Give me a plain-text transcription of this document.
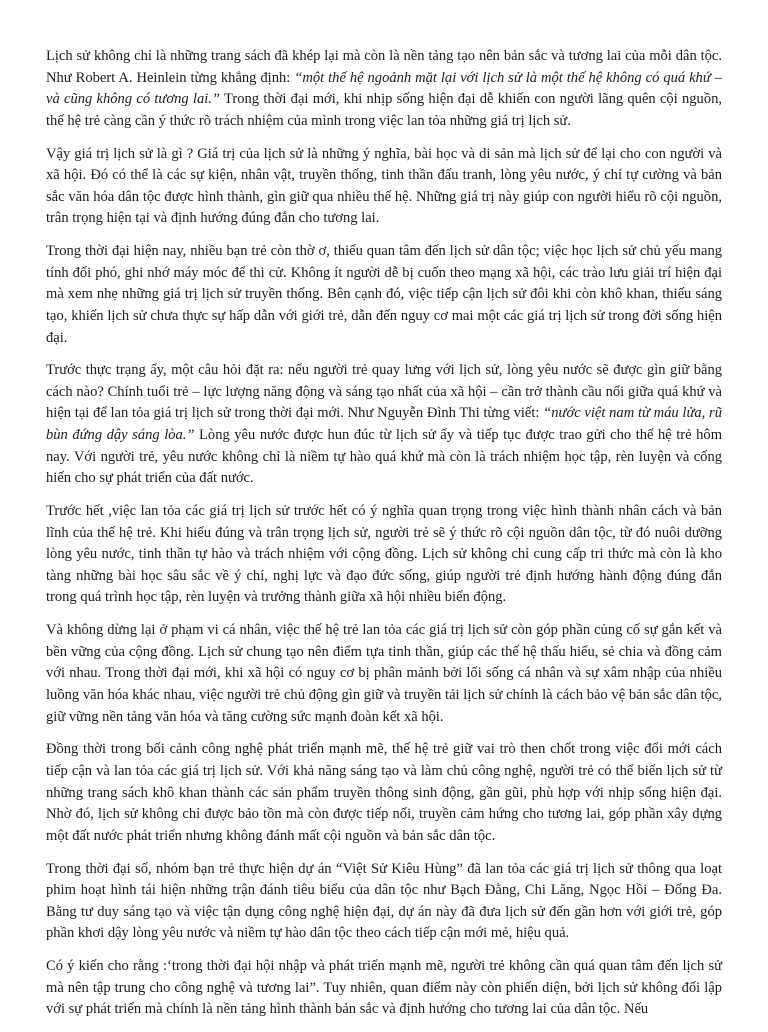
Lịch sử không chỉ là những trang sách đã khép lại mà còn là nền tảng tạo nên bản sắc và tương lai của mỗi dân tộc. Như Robert A. Heinlein từng khẳng định: “một thế hệ ngoảnh mặt lại với lịch sử là một thế hệ không có quá khứ – và cũng không có tương lai.” Trong thời đại mới, khi nhịp sống hiện đại dễ khiến con người lãng quên cội nguồn, thế hệ trẻ càng cần ý thức rõ trách nhiệm của mình trong việc lan tỏa những giá trị lịch sử.

Vậy giá trị lịch sử là gì ? Giá trị của lịch sử là những ý nghĩa, bài học và di sản mà lịch sử để lại cho con người và xã hội. Đó có thể là các sự kiện, nhân vật, truyền thống, tinh thần đấu tranh, lòng yêu nước, ý chí tự cường và bản sắc văn hóa dân tộc được hình thành, gìn giữ qua nhiều thế hệ. Những giá trị này giúp con người hiểu rõ cội nguồn, trân trọng hiện tại và định hướng đúng đắn cho tương lai.

Trong thời đại hiện nay, nhiều bạn trẻ còn thờ ơ, thiếu quan tâm đến lịch sử dân tộc; việc học lịch sử chủ yếu mang tính đối phó, ghi nhớ máy móc để thi cử. Không ít người dễ bị cuốn theo mạng xã hội, các trào lưu giải trí hiện đại mà xem nhẹ những giá trị lịch sử truyền thống. Bên cạnh đó, việc tiếp cận lịch sử đôi khi còn khô khan, thiếu sáng tạo, khiến lịch sử chưa thực sự hấp dẫn với giới trẻ, dẫn đến nguy cơ mai một các giá trị lịch sử trong đời sống hiện đại.

Trước thực trạng ấy, một câu hỏi đặt ra: nếu người trẻ quay lưng với lịch sử, lòng yêu nước sẽ được gìn giữ bằng cách nào? Chính tuổi trẻ – lực lượng năng động và sáng tạo nhất của xã hội – cần trở thành cầu nối giữa quá khứ và hiện tại để lan tỏa giá trị lịch sử trong thời đại mới. Như Nguyễn Đình Thi từng viết: “nước việt nam từ máu lửa, rũ bùn đứng dậy sáng lòa.” Lòng yêu nước được hun đúc từ lịch sử ấy và tiếp tục được trao gửi cho thế hệ trẻ hôm nay. Với người trẻ, yêu nước không chỉ là niềm tự hào quá khứ mà còn là trách nhiệm học tập, rèn luyện và cống hiến cho sự phát triển của đất nước.

Trước hết ,việc lan tỏa các giá trị lịch sử trước hết có ý nghĩa quan trọng trong việc hình thành nhân cách và bản lĩnh của thế hệ trẻ. Khi hiểu đúng và trân trọng lịch sử, người trẻ sẽ ý thức rõ cội nguồn dân tộc, từ đó nuôi dưỡng lòng yêu nước, tinh thần tự hào và trách nhiệm với cộng đồng. Lịch sử không chỉ cung cấp tri thức mà còn là kho tàng những bài học sâu sắc về ý chí, nghị lực và đạo đức sống, giúp người trẻ định hướng hành động đúng đắn trong quá trình học tập, rèn luyện và trưởng thành giữa xã hội nhiều biến động.

Và không dừng lại ở phạm vi cá nhân, việc thế hệ trẻ lan tỏa các giá trị lịch sử còn góp phần củng cố sự gắn kết và bền vững của cộng đồng. Lịch sử chung tạo nên điểm tựa tinh thần, giúp các thế hệ thấu hiểu, sẻ chia và đồng cảm với nhau. Trong thời đại mới, khi xã hội có nguy cơ bị phân mảnh bởi lối sống cá nhân và sự xâm nhập của nhiều luồng văn hóa khác nhau, việc người trẻ chủ động gìn giữ và truyền tải lịch sử chính là cách bảo vệ bản sắc dân tộc, giữ vững nền tảng văn hóa và tăng cường sức mạnh đoàn kết xã hội.

Đồng thời trong bối cảnh công nghệ phát triển mạnh mẽ, thế hệ trẻ giữ vai trò then chốt trong việc đổi mới cách tiếp cận và lan tỏa các giá trị lịch sử. Với khả năng sáng tạo và làm chủ công nghệ, người trẻ có thể biến lịch sử từ những trang sách khô khan thành các sản phẩm truyền thông sinh động, gần gũi, phù hợp với nhịp sống hiện đại. Nhờ đó, lịch sử không chỉ được bảo tồn mà còn được tiếp nối, truyền cảm hứng cho tương lai, góp phần xây dựng một đất nước phát triển nhưng không đánh mất cội nguồn và bản sắc dân tộc.

Trong thời đại số, nhóm bạn trẻ thực hiện dự án “Việt Sử Kiêu Hùng” đã lan tỏa các giá trị lịch sử thông qua loạt phim hoạt hình tái hiện những trận đánh tiêu biểu của dân tộc như Bạch Đằng, Chi Lăng, Ngọc Hồi – Đống Đa. Bằng tư duy sáng tạo và việc tận dụng công nghệ hiện đại, dự án này đã đưa lịch sử đến gần hơn với giới trẻ, góp phần khơi dậy lòng yêu nước và niềm tự hào dân tộc theo cách tiếp cận mới mẻ, hiệu quả.

Có ý kiến cho rằng :‘trong thời đại hội nhập và phát triển mạnh mẽ, người trẻ không cần quá quan tâm đến lịch sử mà nên tập trung cho công nghệ và tương lai”. Tuy nhiên, quan điểm này còn phiến diện, bởi lịch sử không đối lập với sự phát triển mà chính là nền tảng hình thành bản sắc và định hướng cho tương lai của dân tộc. Nếu
